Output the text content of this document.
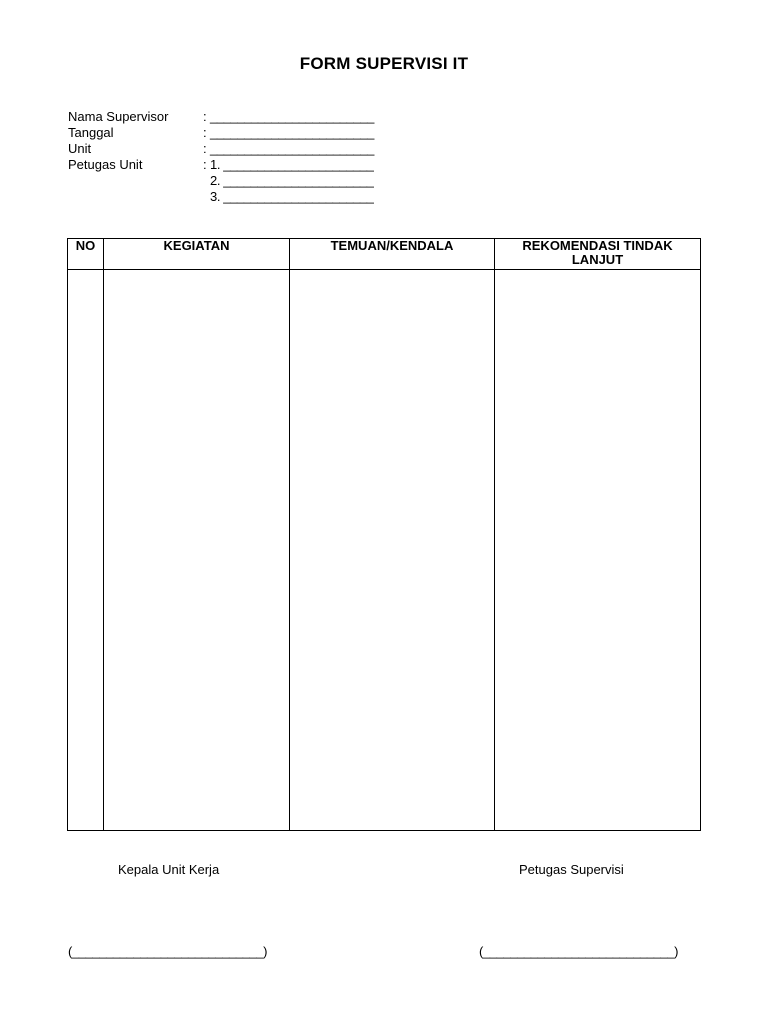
FORM SUPERVISI IT
Nama Supervisor	: ________________________
Tanggal	: ________________________
Unit	: ________________________
Petugas Unit	: 1. ______________________
2. ______________________
3. ______________________
NO	KEGIATAN	TEMUAN/KENDALA	REKOMENDASI TINDAK LANJUT

Kepala Unit Kerja	Petugas Supervisi
(____________________________)	(____________________________)
